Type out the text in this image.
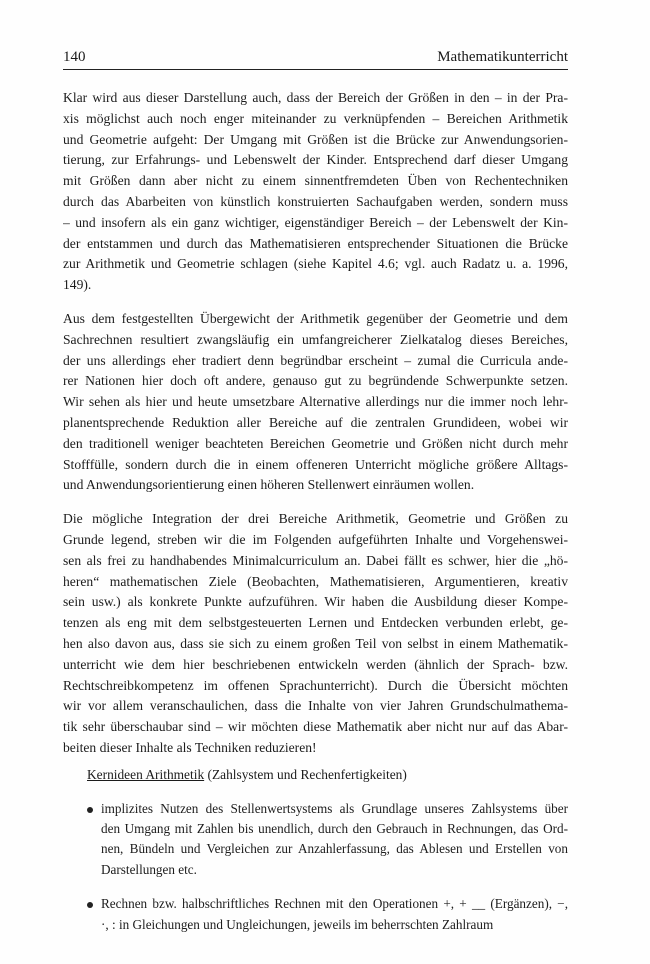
140	Mathematikunterricht
Klar wird aus dieser Darstellung auch, dass der Bereich der Größen in den – in der Pra-
xis möglichst auch noch enger miteinander zu verknüpfenden – Bereichen Arithmetik
und Geometrie aufgeht: Der Umgang mit Größen ist die Brücke zur Anwendungsorien-
tierung, zur Erfahrungs- und Lebenswelt der Kinder. Entsprechend darf dieser Umgang
mit Größen dann aber nicht zu einem sinnentfremdeten Üben von Rechentechniken
durch das Abarbeiten von künstlich konstruierten Sachaufgaben werden, sondern muss
– und insofern als ein ganz wichtiger, eigenständiger Bereich – der Lebenswelt der Kin-
der entstammen und durch das Mathematisieren entsprechender Situationen die Brücke
zur Arithmetik und Geometrie schlagen (siehe Kapitel 4.6; vgl. auch Radatz u. a. 1996,
149).
Aus dem festgestellten Übergewicht der Arithmetik gegenüber der Geometrie und dem
Sachrechnen resultiert zwangsläufig ein umfangreicherer Zielkatalog dieses Bereiches,
der uns allerdings eher tradiert denn begründbar erscheint – zumal die Curricula ande-
rer Nationen hier doch oft andere, genauso gut zu begründende Schwerpunkte setzen.
Wir sehen als hier und heute umsetzbare Alternative allerdings nur die immer noch lehr-
planentsprechende Reduktion aller Bereiche auf die zentralen Grundideen, wobei wir
den traditionell weniger beachteten Bereichen Geometrie und Größen nicht durch mehr
Stofffülle, sondern durch die in einem offeneren Unterricht mögliche größere Alltags-
und Anwendungsorientierung einen höheren Stellenwert einräumen wollen.
Die mögliche Integration der drei Bereiche Arithmetik, Geometrie und Größen zu
Grunde legend, streben wir die im Folgenden aufgeführten Inhalte und Vorgehenswei-
sen als frei zu handhabendes Minimalcurriculum an. Dabei fällt es schwer, hier die „hö-
heren“ mathematischen Ziele (Beobachten, Mathematisieren, Argumentieren, kreativ
sein usw.) als konkrete Punkte aufzuführen. Wir haben die Ausbildung dieser Kompe-
tenzen als eng mit dem selbstgesteuerten Lernen und Entdecken verbunden erlebt, ge-
hen also davon aus, dass sie sich zu einem großen Teil von selbst in einem Mathematik-
unterricht wie dem hier beschriebenen entwickeln werden (ähnlich der Sprach- bzw.
Rechtschreibkompetenz im offenen Sprachunterricht). Durch die Übersicht möchten
wir vor allem veranschaulichen, dass die Inhalte von vier Jahren Grundschulmathema-
tik sehr überschaubar sind – wir möchten diese Mathematik aber nicht nur auf das Abar-
beiten dieser Inhalte als Techniken reduzieren!
Kernideen Arithmetik (Zahlsystem und Rechenfertigkeiten)
implizites Nutzen des Stellenwertsystems als Grundlage unseres Zahlsystems über
den Umgang mit Zahlen bis unendlich, durch den Gebrauch in Rechnungen, das Ord-
nen, Bündeln und Vergleichen zur Anzahlerfassung, das Ablesen und Erstellen von
Darstellungen etc.
Rechnen bzw. halbschriftliches Rechnen mit den Operationen +, + __ (Ergänzen), −,
·, : in Gleichungen und Ungleichungen, jeweils im beherrschten Zahlraum
